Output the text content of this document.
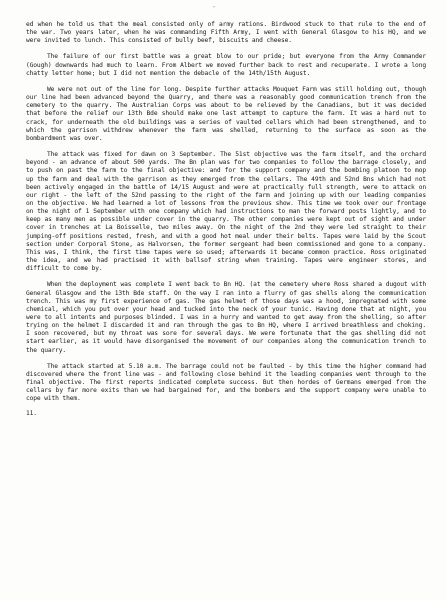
¨

ed when he told us that the meal consisted only of army rations. Birdwood stuck to that rule to the end of the war. Two years later, when he was commanding Fifth Army, I went with General Glasgow to his HQ, and we were invited to lunch. This consisted of bully beef, biscuits and cheese.

The failure of our first battle was a great blow to our pride; but everyone from the Army Commander (Gough) downwards had much to learn. From Albert we moved further back to rest and recuperate. I wrote a long chatty letter home; but I did not mention the debacle of the 14th/15th August.

We were not out of the line for long. Despite further attacks Mouquet Farm was still holding out, though our line had been advanced beyond the Quarry, and there was a reasonably good communication trench from the cemetery to the quarry. The Australian Corps was about to be relieved by the Canadians, but it was decided that before the relief our 13th Bde should make one last attempt to capture the farm. It was a hard nut to crack, for underneath the old buildings was a series of vaulted cellars which had been strengthened, and to which the garrison withdrew whenever the farm was shelled, returning to the surface as soon as the bombardment was over.

The attack was fixed for dawn on 3 September. The 51st objective was the farm itself, and the orchard beyond - an advance of about 500 yards. The Bn plan was for two companies to follow the barrage closely, and to push on past the farm to the final objective: and for the support company and the bombing platoon to mop up the farm and deal with the garrison as they emerged from the cellars. The 49th and 52nd Bns which had not been actively engaged in the battle of 14/15 August and were at practically full strength, were to attack on our right - the left of the 52nd passing to the right of the farm and joining up with our leading companies on the objective. We had learned a lot of lessons from the previous show. This time we took over our frontage on the night of 1 September with one company which had instructions to man the forward posts lightly, and to keep as many men as possible under cover in the quarry. The other companies were kept out of sight and under cover in trenches at La Boisselle, two miles away. On the night of the 2nd they were led straight to their jumping-off positions rested, fresh, and with a good hot meal under their belts. Tapes were laid by the Scout section under Corporal Stone, as Halvorsen, the former sergeant had been commissioned and gone to a company. This was, I think, the first time tapes were so used; afterwards it became common practice. Ross originated the idea, and we had practised it with ballsof string when training. Tapes were engineer stores, and difficult to come by.

When the deployment was complete I went back to Bn HQ. (at the cemetery where Ross shared a dugout with General Glasgow and the 13th Bde staff. On the way I ran into a flurry of gas shells along the communication trench. This was my first experience of gas. The gas helmet of those days was a hood, impregnated with some chemical, which you put over your head and tucked into the neck of your tunic. Having done that at night, you were to all intents and purposes blinded. I was in a hurry and wanted to get away from the shelling, so after trying on the helmet I discarded it and ran through the gas to Bn HQ, where I arrived breathless and choking. I soon recovered, but my throat was sore for several days. We were fortunate that the gas shelling did not start earlier, as it would have disorganised the movement of our companies along the communication trench to the quarry.

The attack started at 5.10 a.m. The barrage could not be faulted - by this time the higher command had discovered where the front line was - and following close behind it the leading companies went through to the final objective. The first reports indicated complete success. But then hordes of Germans emerged from the cellars by far more exits than we had bargained for, and the bombers and the support company were unable to cope with them.

11.
